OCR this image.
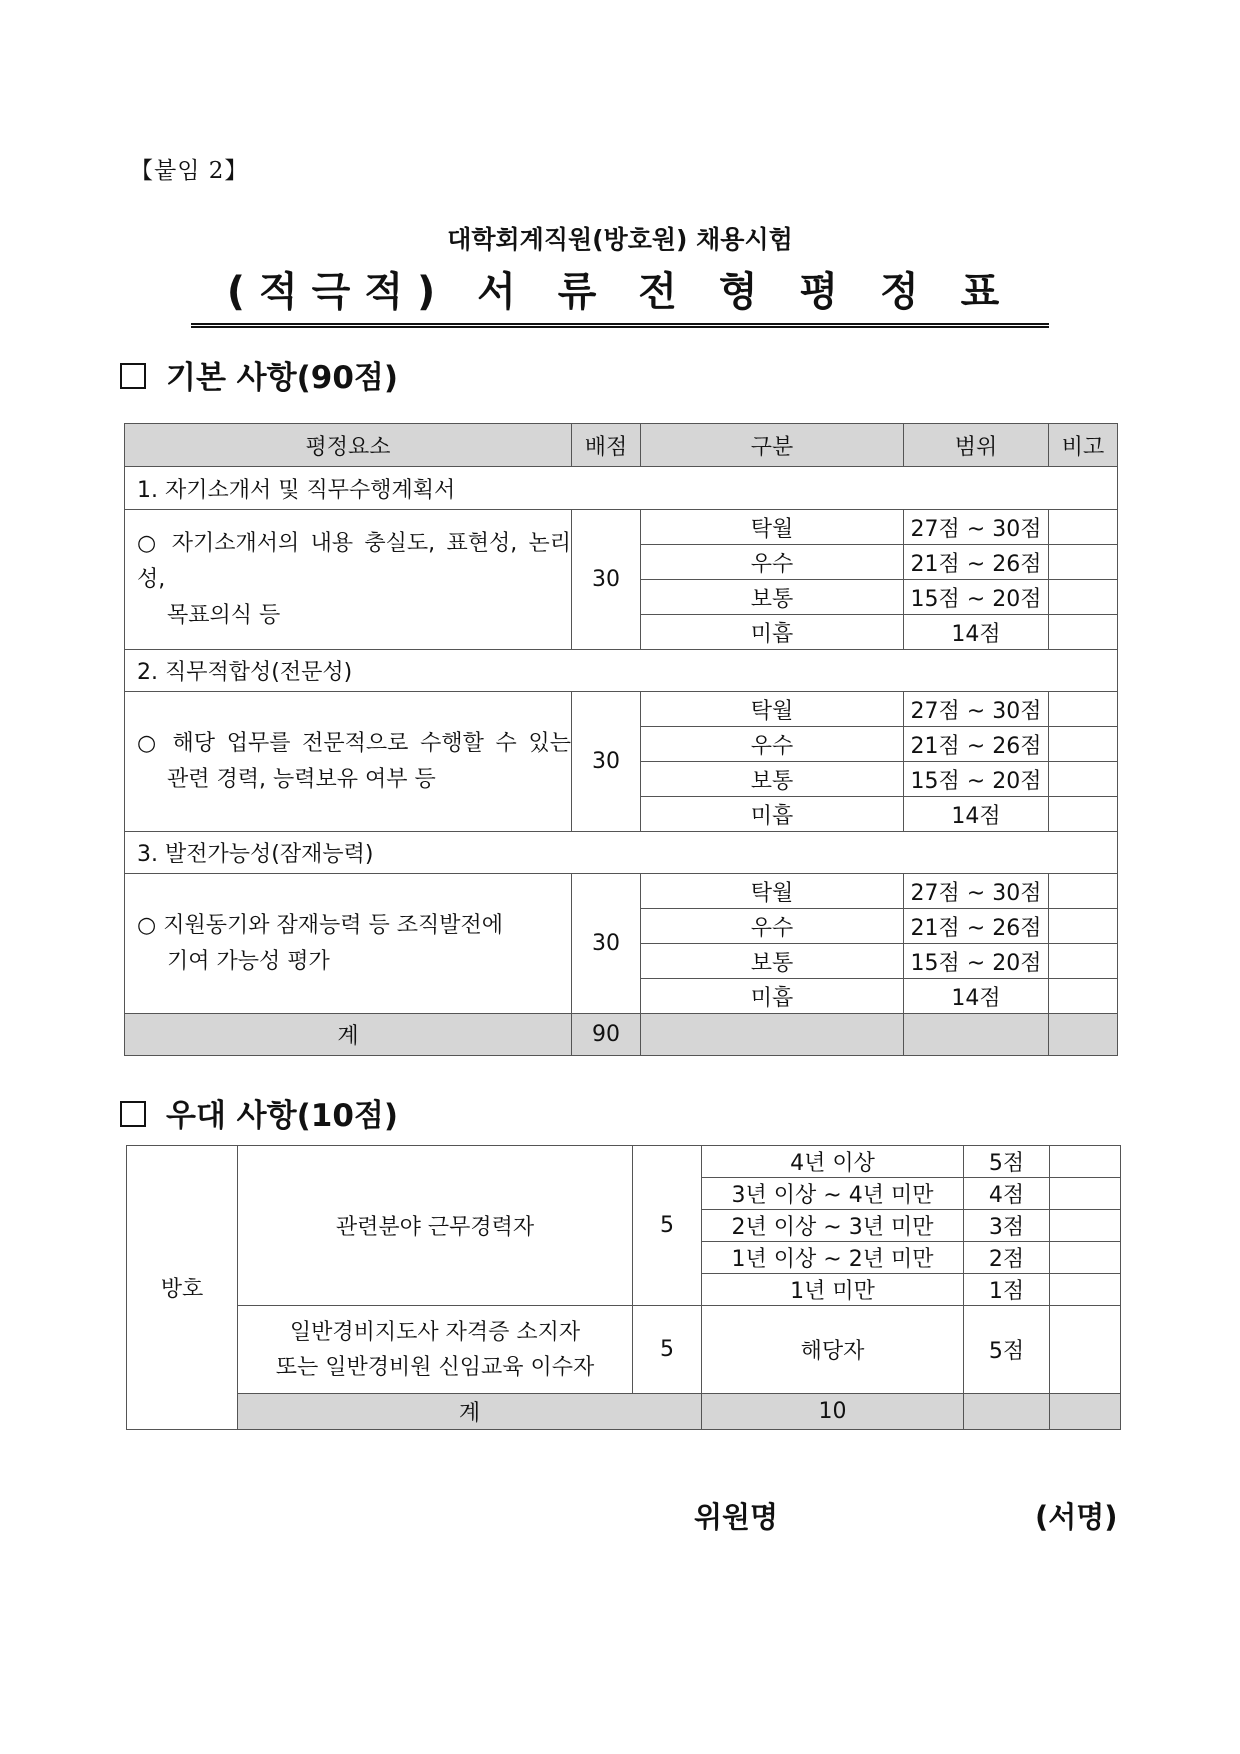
【붙임 2】
대학회계직원(방호원) 채용시험
(적극적) 서 류 전 형 평 정 표
기본 사항(90점)
평정요소	배점	구분	범위	비고
1. 자기소개서 및 직무수행계획서				

○ 자기소개서의 내용 충실도, 표현성, 논리성,
목표의식 등	30	탁월	27점 ~ 30점	
		우수	21점 ~ 26점	
		보통	15점 ~ 20점	
		미흡	14점	
2. 직무적합성(전문성)				

○ 해당 업무를 전문적으로 수행할 수 있는
관련 경력, 능력보유 여부 등	30	탁월	27점 ~ 30점	
		우수	21점 ~ 26점	
		보통	15점 ~ 20점	
		미흡	14점	
3. 발전가능성(잠재능력)				

○ 지원동기와 잠재능력 등 조직발전에
기여 가능성 평가	30	탁월	27점 ~ 30점	
		우수	21점 ~ 26점	
		보통	15점 ~ 20점	
		미흡	14점	
계	90			
우대 사항(10점)
방호	관련분야 근무경력자	5	4년 이상	5점		
			3년 이상 ~ 4년 미만	4점		
			2년 이상 ~ 3년 미만	3점		
			1년 이상 ~ 2년 미만	2점		
			1년 미만	1점		

	일반경비지도사 자격증 소지자
또는 일반경비원 신임교육 이수자	5	해당자	5점		
	계		10			
위원명	(서명)
